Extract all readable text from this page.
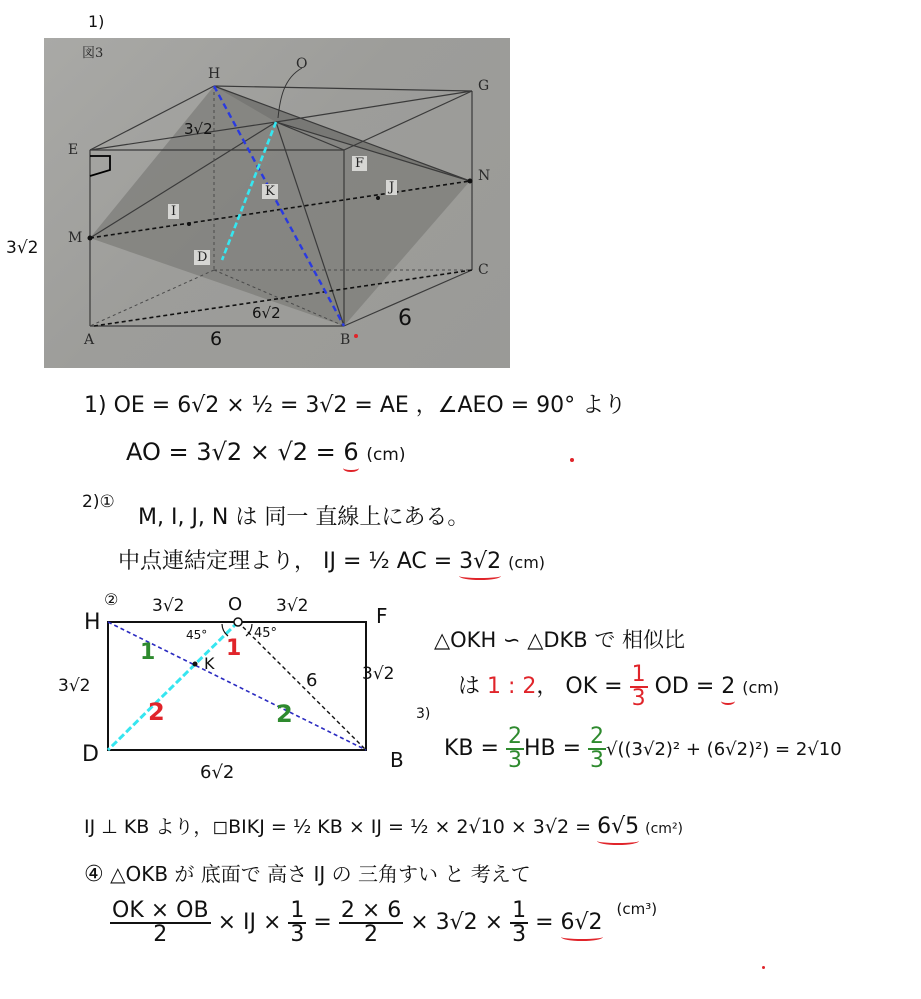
1)
図3
H
G
O
E
F
N
M
I
K	J
D
C
A	B
3√2
6√2
6
3√2
6
1) OE = 6√2 × ½ = 3√2 = AE ，∠AEO = 90° より
AO = 3√2 × √2 = 6 (cm)
2)①
M, I, J, N は 同一 直線上にある。
中点連結定理より， IJ = ½ AC = 3√2 (cm)
②
H
O	F
D	B
K
3√2	3√2
3√2
3√2
6√2
45°	45°
6
1	1
2	2
△OKH ∽ △DKB で 相似比
は 1 : 2， OK = $\frac{1}{3}$ OD = 2 (cm)
3)
KB = $\frac{2}{3}$ HB = $\frac{2}{3} √((3√2)^2 + (6√2)^2) = 2√10$
IJ ⊥ KB より，◻BIKJ = ½ KB × IJ = ½ × 2√10 × 3√2 = 6√5 (cm²)
④ △OKB が 底面で 高さ IJ の 三角すい と 考えて
$\frac{OK \times OB}{2}$ × IJ × $\frac{1}{3} = \frac{2 \times 6}{2} \times 3√2 \times \frac{1}{3} = 6√2$  $^{(cm^3)}$
